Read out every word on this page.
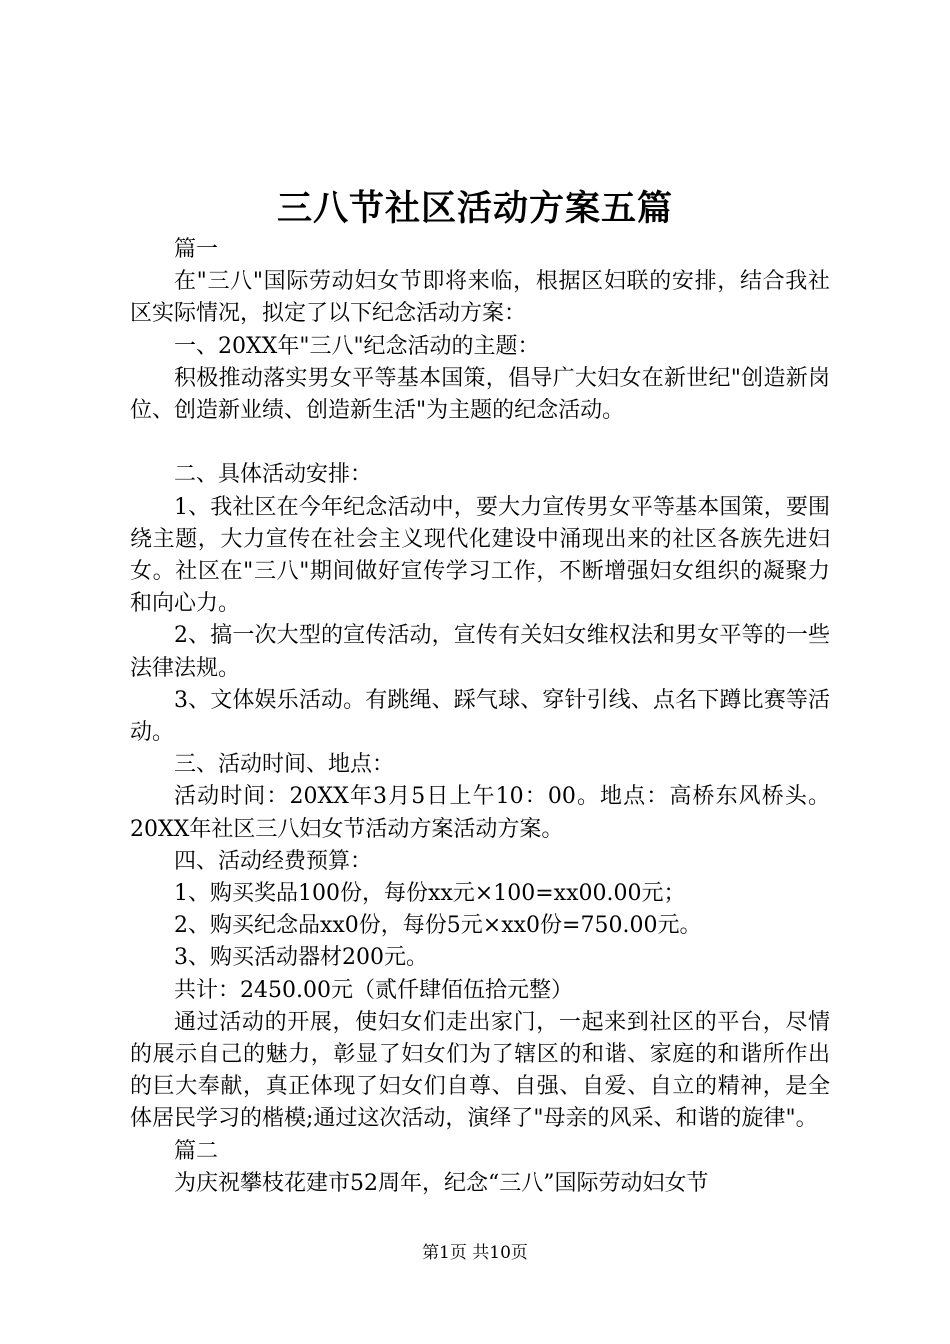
三八节社区活动方案五篇

篇一

在"三八"国际劳动妇女节即将来临，根据区妇联的安排，结合我社区实际情况，拟定了以下纪念活动方案：

一、20XX年"三八"纪念活动的主题：

积极推动落实男女平等基本国策，倡导广大妇女在新世纪"创造新岗位、创造新业绩、创造新生活"为主题的纪念活动。

二、具体活动安排：

1、我社区在今年纪念活动中，要大力宣传男女平等基本国策，要围绕主题，大力宣传在社会主义现代化建设中涌现出来的社区各族先进妇女。社区在"三八"期间做好宣传学习工作，不断增强妇女组织的凝聚力和向心力。

2、搞一次大型的宣传活动，宣传有关妇女维权法和男女平等的一些法律法规。

3、文体娱乐活动。有跳绳、踩气球、穿针引线、点名下蹲比赛等活动。

三、活动时间、地点：

活动时间：20XX年3月5日上午10：00。地点：高桥东风桥头。20XX年社区三八妇女节活动方案活动方案。

四、活动经费预算：

1、购买奖品100份，每份xx元×100=xx00.00元；

2、购买纪念品xx0份，每份5元×xx0份=750.00元。

3、购买活动器材200元。

共计：2450.00元（贰仟肆佰伍拾元整）

通过活动的开展，使妇女们走出家门，一起来到社区的平台，尽情的展示自己的魅力，彰显了妇女们为了辖区的和谐、家庭的和谐所作出的巨大奉献，真正体现了妇女们自尊、自强、自爱、自立的精神，是全体居民学习的楷模;通过这次活动，演绎了"母亲的风采、和谐的旋律"。

篇二

为庆祝攀枝花建市52周年，纪念“三八”国际劳动妇女节

第1页 共10页
